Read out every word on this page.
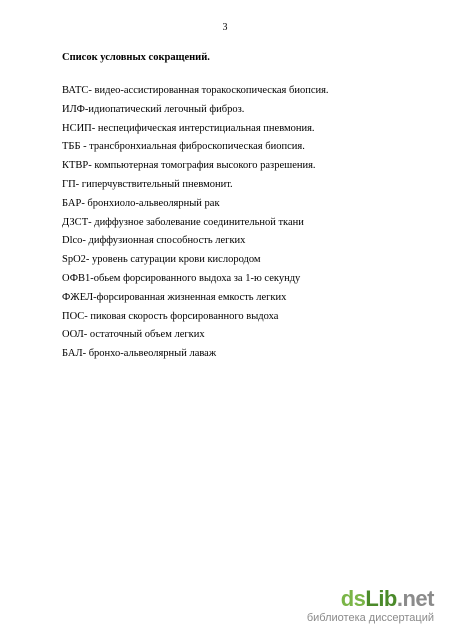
3
Список условных сокращений.
ВАТС- видео-ассистированная торакоскопическая биопсия.
ИЛФ-идиопатический легочный фиброз.
НСИП- неспецифическая интерстициальная пневмония.
ТББ - трансбронхиальная фиброскопическая биопсия.
КТВР- компьютерная томография высокого разрешения.
ГП- гиперчувствительный пневмонит.
БАР- бронхиоло-альвеолярный рак
ДЗСТ- диффузное заболевание соединительной ткани
Dlco- диффузионная способность легких
SpO2- уровень сатурации крови кислородом
ОФВ1-обьем форсированного выдоха за 1-ю секунду
ФЖЕЛ-форсированная жизненная емкость легких
ПОС- пиковая скорость форсированного выдоха
ООЛ- остаточный объем легких
БАЛ- бронхо-альвеолярный лаваж
dsLib.net
библиотека диссертаций
